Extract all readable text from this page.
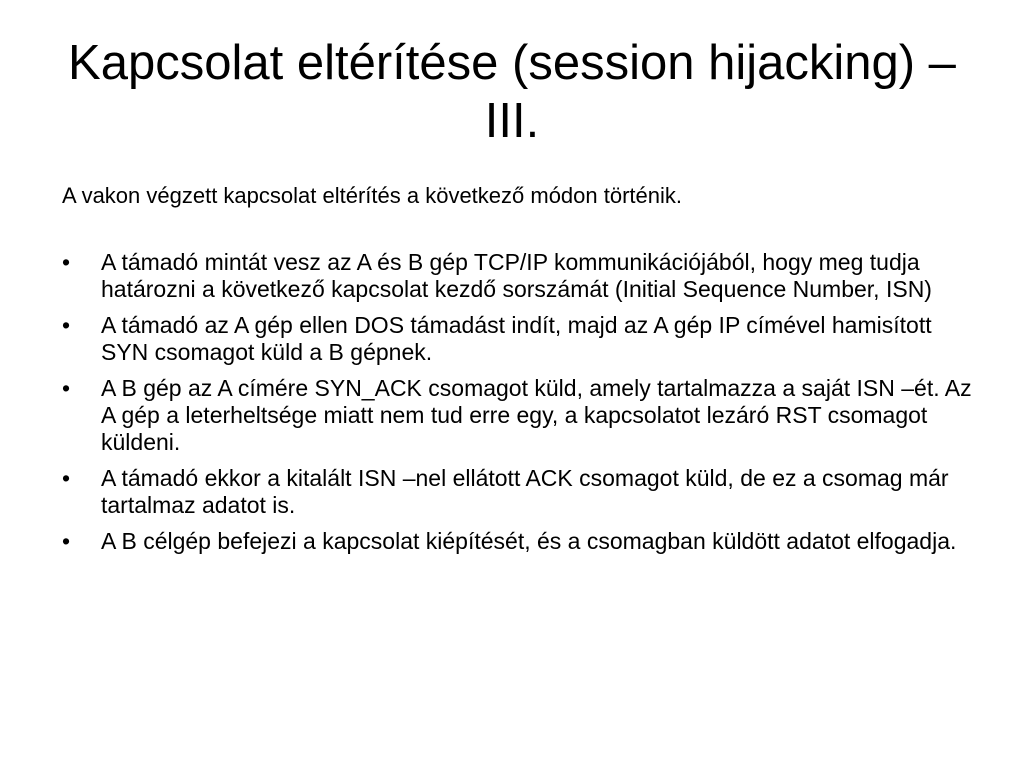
Kapcsolat eltérítése (session hijacking) – III.

A vakon végzett kapcsolat eltérítés a következő módon történik.

•	A támadó mintát vesz az A és B gép TCP/IP kommunikációjából, hogy meg tudja határozni a következő kapcsolat kezdő sorszámát (Initial Sequence Number, ISN)
•	A támadó az A gép ellen DOS támadást indít, majd az A gép IP címével hamisított SYN csomagot küld a B gépnek.
•	A B gép az A címére SYN_ACK csomagot küld, amely tartalmazza a saját ISN –ét. Az A gép a leterheltsége miatt nem tud erre egy, a kapcsolatot lezáró RST csomagot küldeni.
•	A támadó ekkor a kitalált ISN –nel ellátott ACK csomagot küld, de ez a csomag már tartalmaz adatot is.
•	A B célgép befejezi a kapcsolat kiépítését, és a csomagban küldött adatot elfogadja.
